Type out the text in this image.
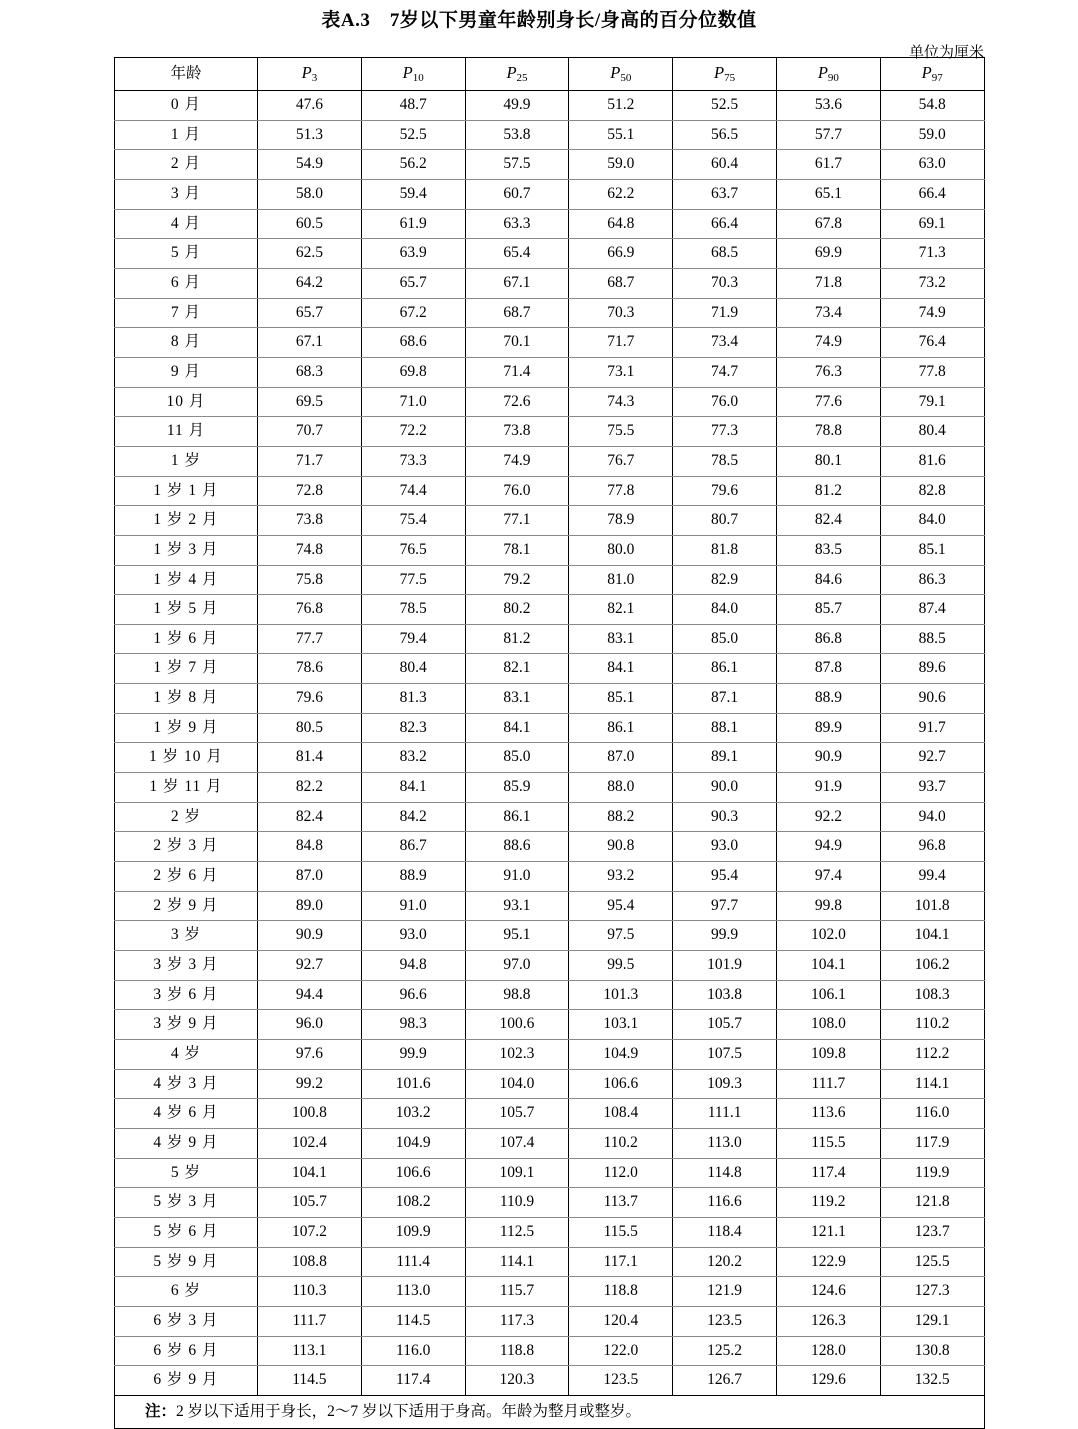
表A.3　7岁以下男童年龄别身长/身高的百分位数值
单位为厘米
年龄	$P_3$	$P_{10}$	$P_{25}$	$P_{50}$	$P_{75}$	$P_{90}$	$P_{97}$
0 月	47.6	48.7	49.9	51.2	52.5	53.6	54.8
1 月	51.3	52.5	53.8	55.1	56.5	57.7	59.0
2 月	54.9	56.2	57.5	59.0	60.4	61.7	63.0
3 月	58.0	59.4	60.7	62.2	63.7	65.1	66.4
4 月	60.5	61.9	63.3	64.8	66.4	67.8	69.1
5 月	62.5	63.9	65.4	66.9	68.5	69.9	71.3
6 月	64.2	65.7	67.1	68.7	70.3	71.8	73.2
7 月	65.7	67.2	68.7	70.3	71.9	73.4	74.9
8 月	67.1	68.6	70.1	71.7	73.4	74.9	76.4
9 月	68.3	69.8	71.4	73.1	74.7	76.3	77.8
10 月	69.5	71.0	72.6	74.3	76.0	77.6	79.1
11 月	70.7	72.2	73.8	75.5	77.3	78.8	80.4
1 岁	71.7	73.3	74.9	76.7	78.5	80.1	81.6
1 岁 1 月	72.8	74.4	76.0	77.8	79.6	81.2	82.8
1 岁 2 月	73.8	75.4	77.1	78.9	80.7	82.4	84.0
1 岁 3 月	74.8	76.5	78.1	80.0	81.8	83.5	85.1
1 岁 4 月	75.8	77.5	79.2	81.0	82.9	84.6	86.3
1 岁 5 月	76.8	78.5	80.2	82.1	84.0	85.7	87.4
1 岁 6 月	77.7	79.4	81.2	83.1	85.0	86.8	88.5
1 岁 7 月	78.6	80.4	82.1	84.1	86.1	87.8	89.6
1 岁 8 月	79.6	81.3	83.1	85.1	87.1	88.9	90.6
1 岁 9 月	80.5	82.3	84.1	86.1	88.1	89.9	91.7
1 岁 10 月	81.4	83.2	85.0	87.0	89.1	90.9	92.7
1 岁 11 月	82.2	84.1	85.9	88.0	90.0	91.9	93.7
2 岁	82.4	84.2	86.1	88.2	90.3	92.2	94.0
2 岁 3 月	84.8	86.7	88.6	90.8	93.0	94.9	96.8
2 岁 6 月	87.0	88.9	91.0	93.2	95.4	97.4	99.4
2 岁 9 月	89.0	91.0	93.1	95.4	97.7	99.8	101.8
3 岁	90.9	93.0	95.1	97.5	99.9	102.0	104.1
3 岁 3 月	92.7	94.8	97.0	99.5	101.9	104.1	106.2
3 岁 6 月	94.4	96.6	98.8	101.3	103.8	106.1	108.3
3 岁 9 月	96.0	98.3	100.6	103.1	105.7	108.0	110.2
4 岁	97.6	99.9	102.3	104.9	107.5	109.8	112.2
4 岁 3 月	99.2	101.6	104.0	106.6	109.3	111.7	114.1
4 岁 6 月	100.8	103.2	105.7	108.4	111.1	113.6	116.0
4 岁 9 月	102.4	104.9	107.4	110.2	113.0	115.5	117.9
5 岁	104.1	106.6	109.1	112.0	114.8	117.4	119.9
5 岁 3 月	105.7	108.2	110.9	113.7	116.6	119.2	121.8
5 岁 6 月	107.2	109.9	112.5	115.5	118.4	121.1	123.7
5 岁 9 月	108.8	111.4	114.1	117.1	120.2	122.9	125.5
6 岁	110.3	113.0	115.7	118.8	121.9	124.6	127.3
6 岁 3 月	111.7	114.5	117.3	120.4	123.5	126.3	129.1
6 岁 6 月	113.1	116.0	118.8	122.0	125.2	128.0	130.8
6 岁 9 月	114.5	117.4	120.3	123.5	126.7	129.6	132.5
注：2 岁以下适用于身长，2～7 岁以下适用于身高。年龄为整月或整岁。							
